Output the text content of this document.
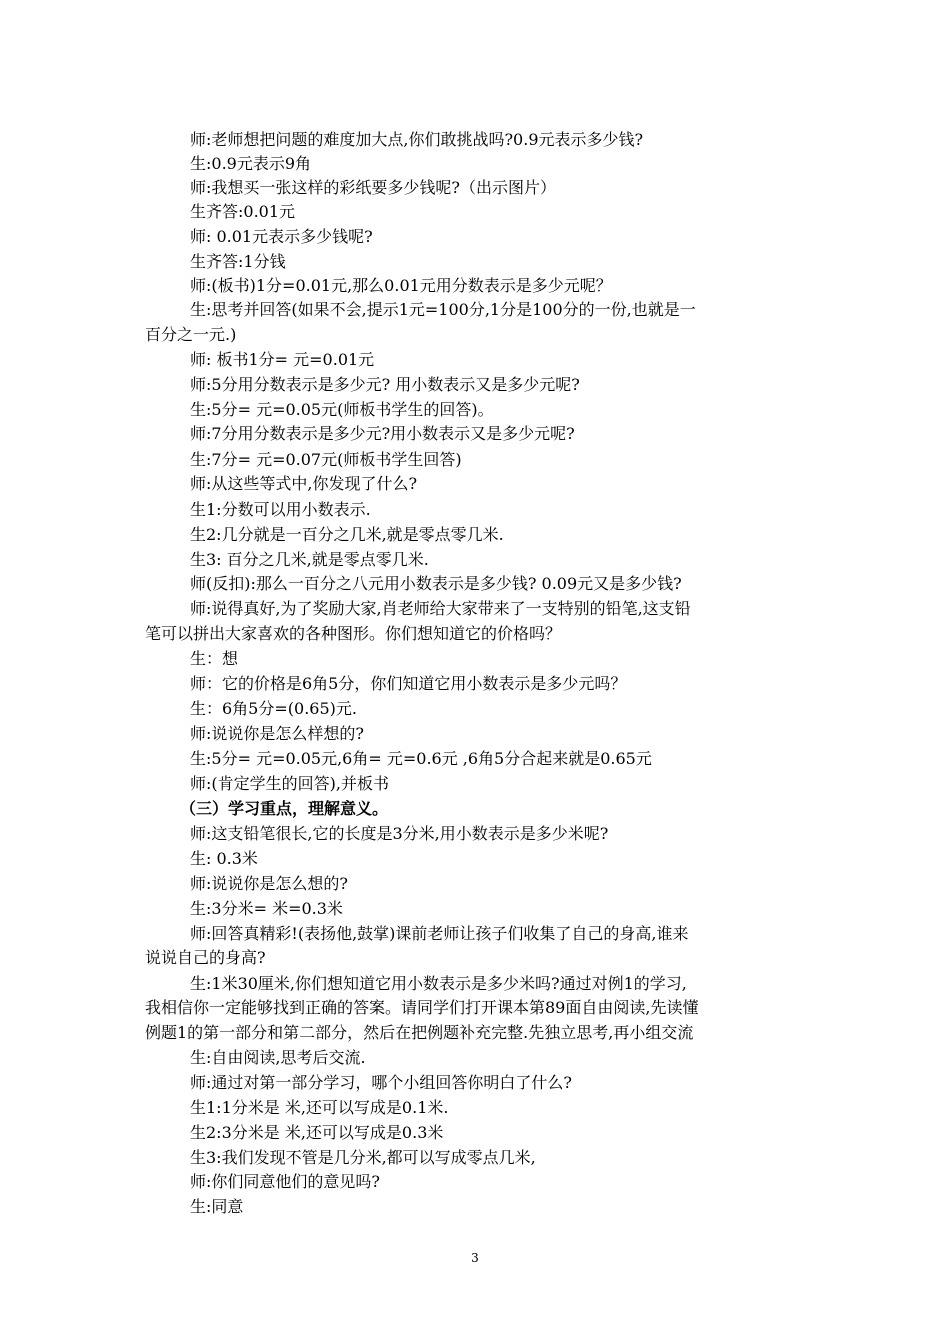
师:老师想把问题的难度加大点,你们敢挑战吗?0.9元表示多少钱?
生:0.9元表示9角
师:我想买一张这样的彩纸要多少钱呢?（出示图片）
生齐答:0.01元
师: 0.01元表示多少钱呢?
生齐答:1分钱
师:(板书)1分=0.01元,那么0.01元用分数表示是多少元呢？
生:思考并回答(如果不会,提示1元=100分,1分是100分的一份,也就是一
百分之一元.)
师: 板书1分= 元=0.01元
师:5分用分数表示是多少元? 用小数表示又是多少元呢?
生:5分= 元=0.05元(师板书学生的回答)。
师:7分用分数表示是多少元?用小数表示又是多少元呢?
生:7分= 元=0.07元(师板书学生回答)
师:从这些等式中,你发现了什么?
生1:分数可以用小数表示.
生2:几分就是一百分之几米,就是零点零几米.
生3: 百分之几米,就是零点零几米.
师(反扣):那么一百分之八元用小数表示是多少钱? 0.09元又是多少钱?
师:说得真好,为了奖励大家,肖老师给大家带来了一支特别的铅笔,这支铅
笔可以拼出大家喜欢的各种图形。你们想知道它的价格吗？
生：想
师：它的价格是6角5分，你们知道它用小数表示是多少元吗？
生：6角5分=(0.65)元.
师:说说你是怎么样想的?
生:5分= 元=0.05元,6角= 元=0.6元 ,6角5分合起来就是0.65元
师:(肯定学生的回答),并板书
（三）学习重点，理解意义。
师:这支铅笔很长,它的长度是3分米,用小数表示是多少米呢?
生: 0.3米
师:说说你是怎么想的?
生:3分米= 米=0.3米
师:回答真精彩!(表扬他,鼓掌)课前老师让孩子们收集了自己的身高,谁来
说说自己的身高?
生:1米30厘米,你们想知道它用小数表示是多少米吗?通过对例1的学习,
我相信你一定能够找到正确的答案。请同学们打开课本第89面自由阅读,先读懂
例题1的第一部分和第二部分，然后在把例题补充完整.先独立思考,再小组交流
生:自由阅读,思考后交流.
师:通过对第一部分学习，哪个小组回答你明白了什么?
生1:1分米是 米,还可以写成是0.1米.
生2:3分米是 米,还可以写成是0.3米
生3:我们发现不管是几分米,都可以写成零点几米,
师:你们同意他们的意见吗?
生:同意
3
